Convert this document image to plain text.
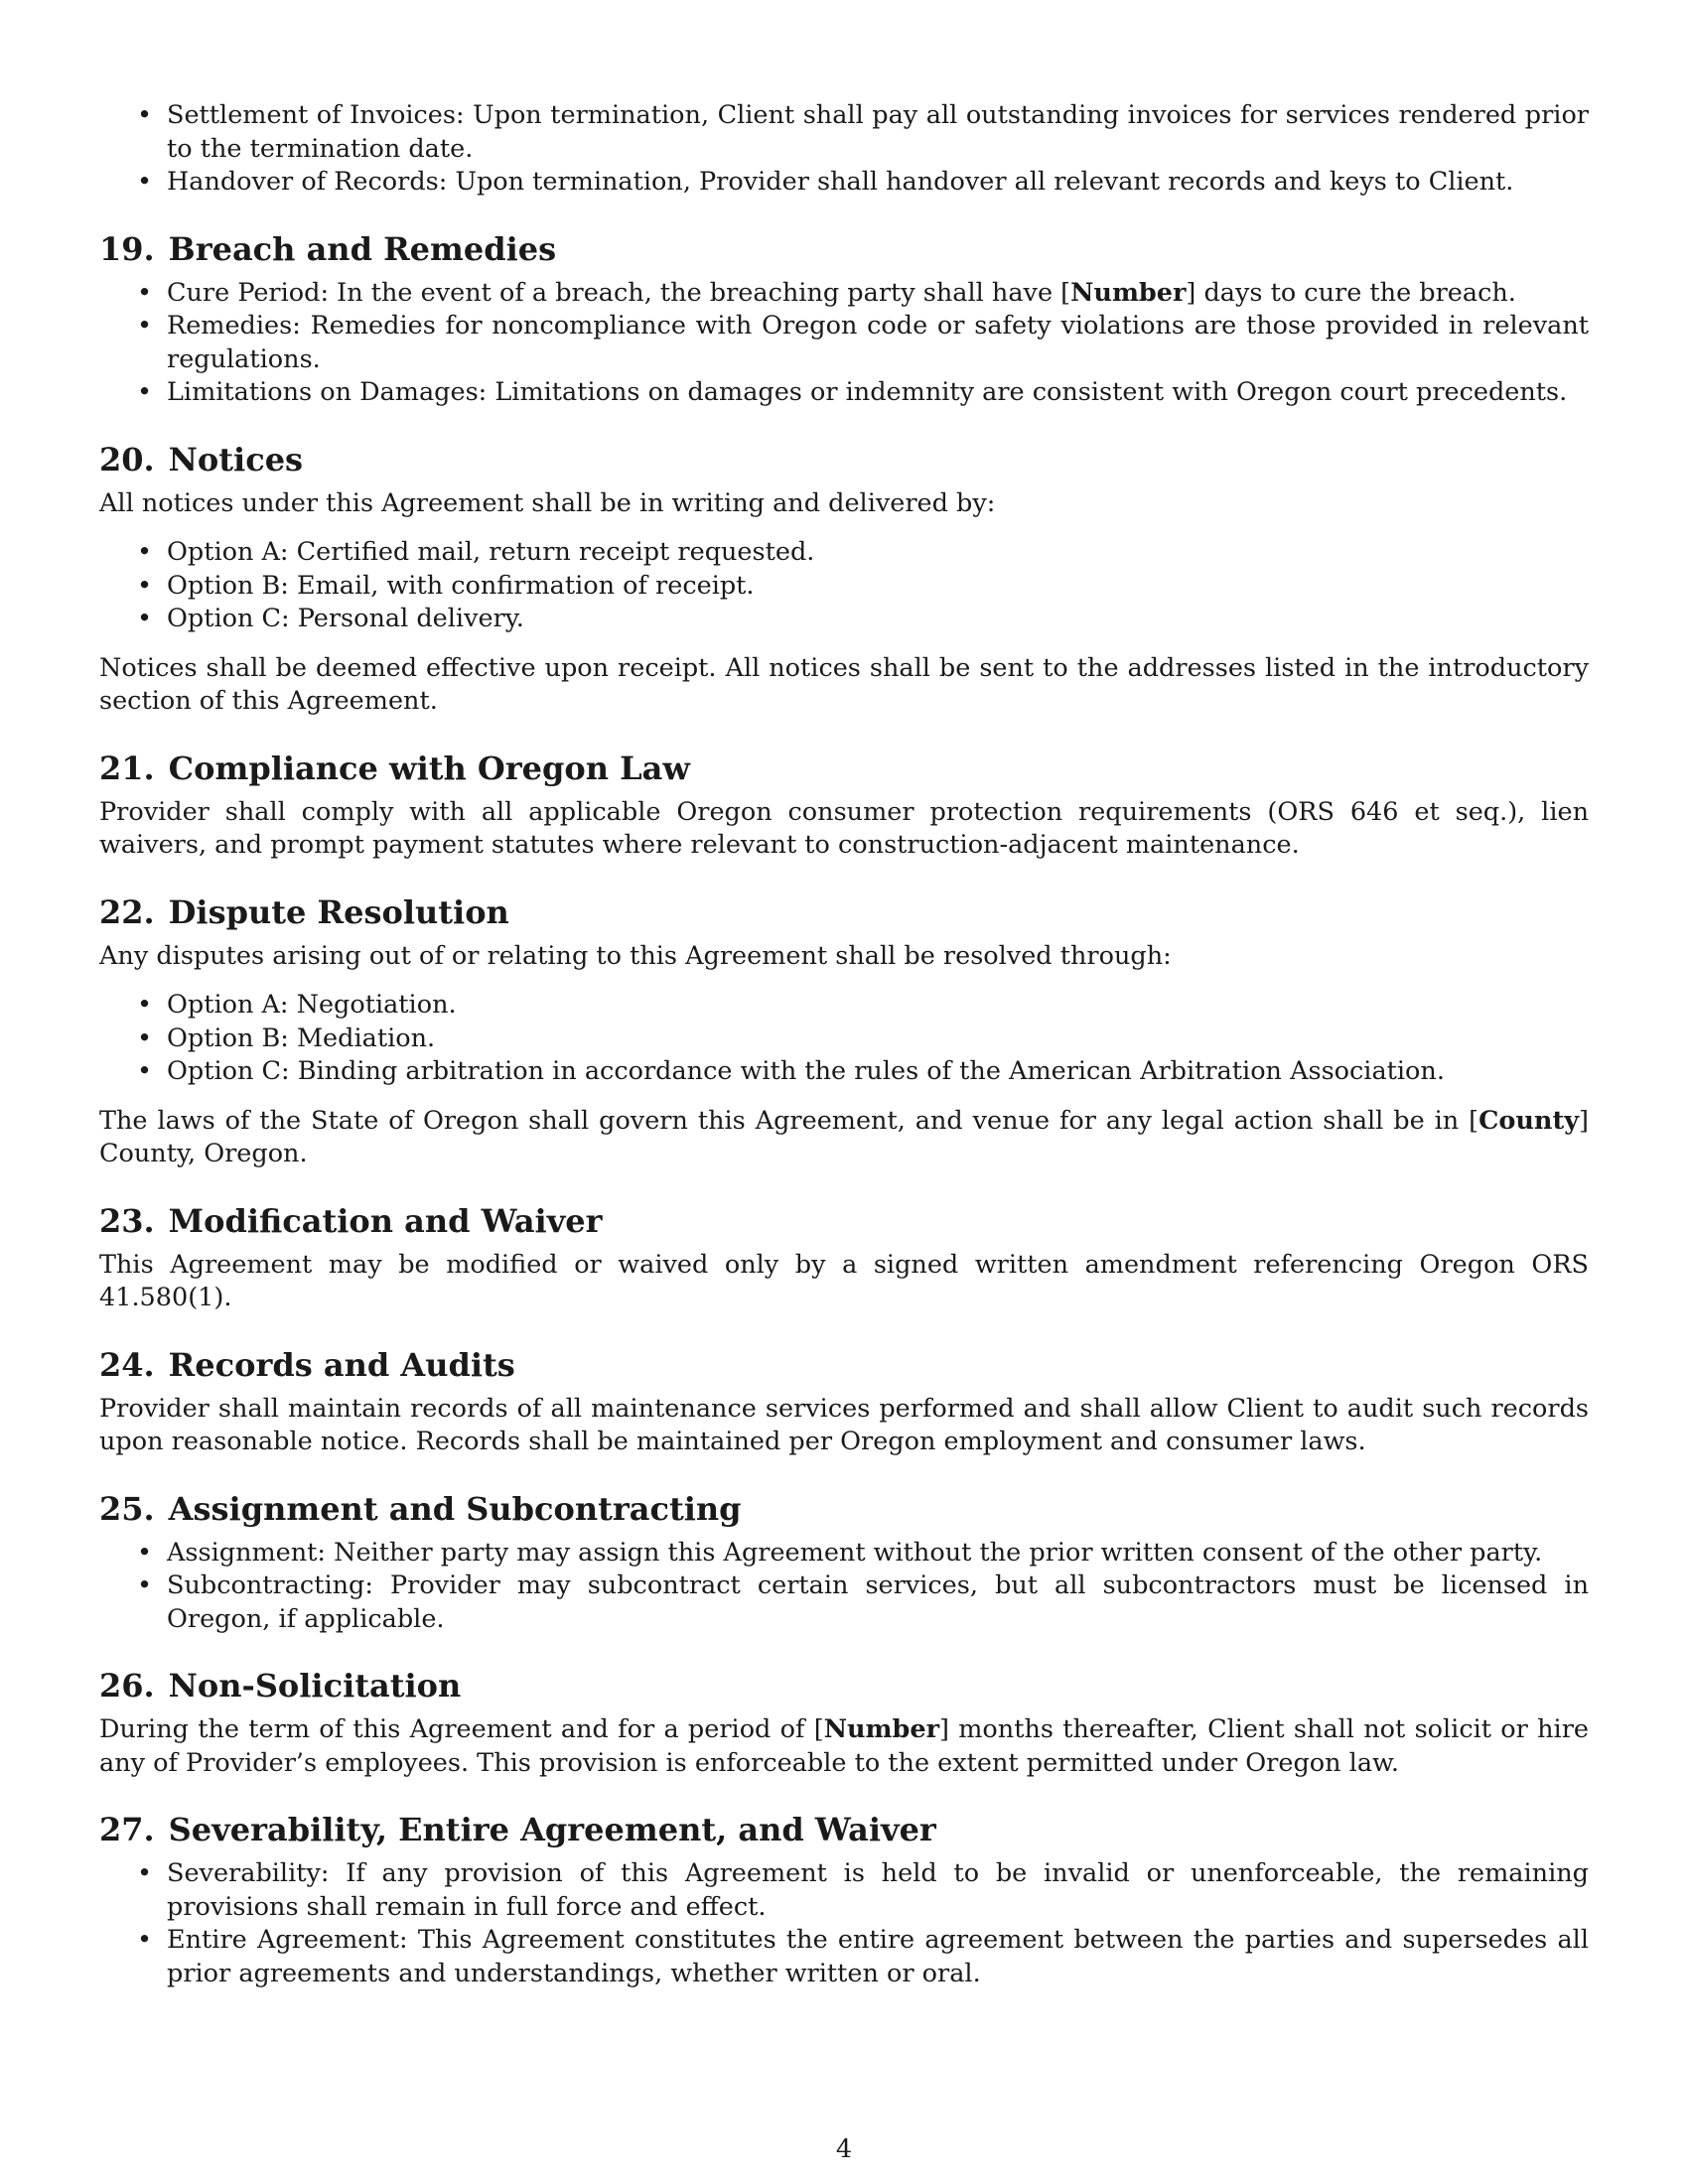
• Settlement of Invoices: Upon termination, Client shall pay all outstanding invoices for services rendered prior to the termination date.
• Handover of Records: Upon termination, Provider shall handover all relevant records and keys to Client.
19. Breach and Remedies
• Cure Period: In the event of a breach, the breaching party shall have [Number] days to cure the breach.
• Remedies: Remedies for noncompliance with Oregon code or safety violations are those provided in relevant regulations.
• Limitations on Damages: Limitations on damages or indemnity are consistent with Oregon court precedents.
20. Notices

All notices under this Agreement shall be in writing and delivered by:

• Option A: Certified mail, return receipt requested.
• Option B: Email, with confirmation of receipt.
• Option C: Personal delivery.

Notices shall be deemed effective upon receipt. All notices shall be sent to the addresses listed in the introductory section of this Agreement.

21. Compliance with Oregon Law

Provider shall comply with all applicable Oregon consumer protection requirements (ORS 646 et seq.), lien waivers, and prompt payment statutes where relevant to construction-adjacent maintenance.

22. Dispute Resolution

Any disputes arising out of or relating to this Agreement shall be resolved through:

• Option A: Negotiation.
• Option B: Mediation.
• Option C: Binding arbitration in accordance with the rules of the American Arbitration Association.

The laws of the State of Oregon shall govern this Agreement, and venue for any legal action shall be in [County] County, Oregon.

23. Modification and Waiver

This Agreement may be modified or waived only by a signed written amendment referencing Oregon ORS 41.580(1).

24. Records and Audits

Provider shall maintain records of all maintenance services performed and shall allow Client to audit such records upon reasonable notice. Records shall be maintained per Oregon employment and consumer laws.

25. Assignment and Subcontracting
• Assignment: Neither party may assign this Agreement without the prior written consent of the other party.
• Subcontracting: Provider may subcontract certain services, but all subcontractors must be licensed in Oregon, if applicable.
26. Non-Solicitation

During the term of this Agreement and for a period of [Number] months thereafter, Client shall not solicit or hire any of Provider’s employees. This provision is enforceable to the extent permitted under Oregon law.

27. Severability, Entire Agreement, and Waiver
• Severability: If any provision of this Agreement is held to be invalid or unenforceable, the remaining provisions shall remain in full force and effect.
• Entire Agreement: This Agreement constitutes the entire agreement between the parties and supersedes all prior agreements and understandings, whether written or oral.
4
